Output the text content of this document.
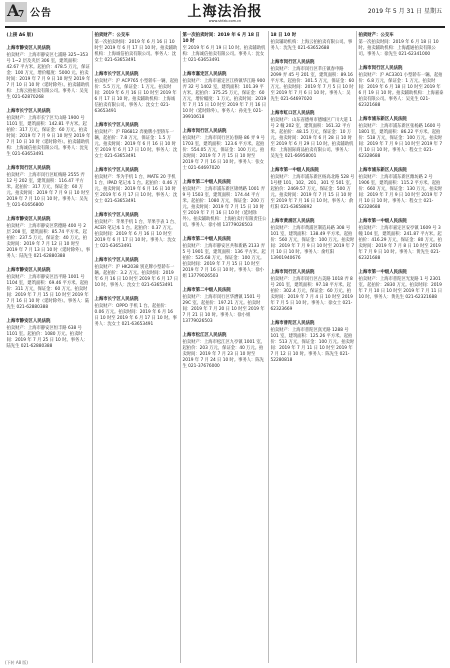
A
7 公告	上海法治报
www.shfzb.com.cn
2019 年 5 月 31 日 星期五
(上接 A6 版)
上海市静安区人民法院
拍卖财产：上海市静安区七浦路 325~353 号 1~2 层及夹层 306 室，建筑面积：42.67 平方米。起拍价：478.5 万元，保证金：100 万元，增价幅度：5000 元。拍卖时间：2019 年 7 月 9 日 10 时至 2019 年 7 月 10 日 10 时（延时除外）。拍卖辅助机构：上海云拍拍卖有限公司。事务人：吴先生 021-62870268
上海市长宁区人民法院
拍卖财产：上海市长宁区天山路 1900 号 1101 室，建筑面积：142.81 平方米。起拍价：317 万元，保证金：60 万元。拍卖时间：2019 年 7 月 9 日 10 时至 2019 年 7 月 10 日 10 时（延时除外）。拍卖辅助机构：上海诚信拍卖有限公司。事务人：沈先生 021-63653491
上海市闵行区人民法院
拍卖财产：上海市闵行区虹梅路 2555 弄 12 号 202 室，建筑面积：116.47 平方米。起拍价：317 万元，保证金：60 万元。拍卖时间：2019 年 7 月 9 日 10 时至 2019 年 7 月 10 日 10 时。事务人：吴先生 021-61656800
上海市静安区人民法院
拍卖财产：上海市静安区常德路 400 号 2 层 208 室，建筑面积：85.74 平方米。起拍价：237.5 万元，保证金：40 万元。拍卖时间：2019 年 7 月 12 日 10 时至 2019 年 7 月 13 日 10 时（延时除外）。事务人：陆先生 021-62880388
上海市静安区人民法院
拍卖财产：上海市静安区昌平路 1001 号 1104 室，建筑面积：69.46 平方米。起拍价：311 万元，保证金：60 万元。拍卖时间：2019 年 7 月 15 日 10 时至 2019 年 7 月 16 日 10 时（延时除外）。事务人：陆先生 021-62880388
上海市静安区人民法院
拍卖财产：上海市静安区恒丰路 638 号 1101 室。起拍价：1080 万元。拍卖时间：2019 年 7 月 25 日 10 时。事务人：陆先生 021-62880388
拍卖财产：公交车
第一次拍卖时间：2019 年 6 月 16 日 10 时至 2019 年 6 月 17 日 10 时。拍卖辅助机构：上海诚信拍卖有限公司。事务人：沈女士 021-63653491
上海市长宁区人民法院
拍卖财产：沪 ACP765 小型轿车一辆，起拍价：5.5 万元，保证金：1 万元。拍卖时间：2019 年 6 月 16 日 10 时至 2019 年 6 月 17 日 10 时。拍卖辅助机构：上海诚信拍卖有限公司。事务人：沈女士 021-63653491
上海市长宁区人民法院
拍卖财产：沪 FB6812 奔驰牌小型轿车一辆，起拍价：7.8 万元，保证金：1.5 万元。拍卖时间：2019 年 6 月 16 日 10 时至 2019 年 6 月 17 日 10 时。事务人：沈女士 021-63653491
上海市长宁区人民法院
拍卖财产：华为手机 1 台、MATE 20 手机 1 台、IPAD 笔记本 1 台。起拍价：0.46 万元。拍卖时间：2019 年 6 月 16 日 10 时至 2019 年 6 月 17 日 10 时。事务人：沈女士 021-63653491
上海市长宁区人民法院
拍卖财产：苹果手机 1 台、苹果手表 1 台、ACER 笔记本 1 台。起拍价：0.37 万元。拍卖时间：2019 年 6 月 16 日 10 时至 2019 年 6 月 17 日 10 时。事务人：沈女士 021-63653491
上海市长宁区人民法院
拍卖财产：沪 HK2038 别克牌小型轿车一辆。起拍价：3.2 万元。拍卖时间：2019 年 6 月 16 日 10 时至 2019 年 6 月 17 日 10 时。事务人：沈女士 021-63653491
上海市长宁区人民法院
拍卖财产：OPPO 手机 1 台。起拍价：0.06 万元。拍卖时间：2019 年 6 月 16 日 10 时至 2019 年 6 月 17 日 10 时。事务人：沈女士 021-63653491
第一次拍卖时间：2019 年 6 月 18 日 10 时
至 2019 年 6 月 19 日 10 时。拍卖辅助机构：上海诚信拍卖有限公司。事务人：沈女士 021-63653491
上海市嘉定区人民法院
拍卖财产：上海市嘉定区江桥镇华江路 900 弄 32 号 1402 室，建筑面积：101.39 平方米。起拍价：375.25 万元，保证金：60 万元，增价幅度：1 万元。拍卖时间：2019 年 7 月 15 日 10 时至 2019 年 7 月 16 日 10 时（延时除外）。事务人：孙先生 021-39910618
上海市闵行区人民法院
拍卖财产：上海市闵行区沁春路 86 弄 9 号 1703 室，建筑面积：123.6 平方米。起拍价：554.05 万元，保证金：100 万元。拍卖时间：2019 年 7 月 15 日 10 时至 2019 年 7 月 16 日 10 时。事务人：张女士 021-64697020
上海市第二中级人民法院
拍卖财产：上海市浦东新区锦绣路 1001 弄 9 号 1503 室，建筑面积：174.44 平方米。起拍价：1080 万元，保证金：200 万元。拍卖时间：2019 年 7 月 15 日 10 时至 2019 年 7 月 16 日 10 时（延时除外）。拍卖辅助机构：上海拍卖行有限责任公司。事务人：徐小姐 13779026503
上海市第二中级人民法院
拍卖财产：上海市静安区共和新路 2133 弄 5 号 1901 室，建筑面积：136 平方米。起拍价：525.68 万元，保证金：100 万元。拍卖时间：2019 年 7 月 15 日 10 时至 2019 年 7 月 16 日 10 时。事务人：徐小姐 13779026503
上海市第二中级人民法院
拍卖财产：上海市闵行区华漕镇 1501 号 29C 室。起拍价：197.21 万元。拍卖时间：2019 年 7 月 20 日 10 时至 2019 年 7 月 21 日 10 时。事务人：徐小姐 13779026503
上海市松江区人民法院
拍卖财产：上海市松江区九亭镇 1001 室。起拍价：203 万元，保证金：40 万元。拍卖时间：2019 年 7 月 23 日 10 时至 2019 年 7 月 24 日 10 时。事务人：陈先生 021-37676000
18 日 10 时
拍卖辅助机构：上海云拍拍卖有限公司。事务人：沈先生 021-63652688
上海市闵行区人民法院
拍卖财产：上海市闵行区莘庄镇春申路 2099 弄 45 号 201 室，建筑面积：89.16 平方米。起拍价：301.5 万元，保证金：60 万元。拍卖时间：2019 年 7 月 5 日 10 时至 2019 年 7 月 6 日 10 时。事务人：吴先生 021-64697020
上海市虹口区人民法院
拍卖财产：山东省德州市德城区广川大道 1 号 2 幢 202 室，建筑面积：161.32 平方米。起拍价：48.15 万元，保证金：10 万元。拍卖时间：2019 年 6 月 28 日 10 时至 2019 年 6 月 29 日 10 时。拍卖辅助机构：上海国际商品拍卖有限公司。事务人：吴先生 021-66958001
上海市第一中级人民法院
拍卖财产：上海市浦东新区杨高北路 528 号 1号楼 101、102、201、301 至 501 室。起拍价：2469.57 万元，保证金：500 万元。拍卖时间：2019 年 7 月 15 日 10 时至 2019 年 7 月 16 日 10 时。事务人：俞红阳 021-63658892
上海市黄浦区人民法院
拍卖财产：上海市黄浦区制造局路 308 号 101 室，建筑面积：138.49 平方米。起拍价：560 万元，保证金：100 万元。拍卖时间：2019 年 7 月 9 日 10 时至 2019 年 7 月 10 日 10 时。事务人：俞红阳 13901940676
上海市闵行区人民法院
拍卖财产：上海市闵行区古美路 1018 弄 8 号 201 室，建筑面积：97.18 平方米。起拍价：302.4 万元，保证金：60 万元。拍卖时间：2019 年 7 月 4 日 10 时至 2019 年 7 月 5 日 10 时。事务人：徐女士 021-62323669
上海市普陀区人民法院
拍卖财产：上海市普陀区真光路 1288 号 101 室，建筑面积：125.26 平方米。起拍价：513 万元，保证金：100 万元。拍卖时间：2019 年 7 月 11 日 10 时至 2019 年 7 月 12 日 10 时。事务人：陈先生 021-52280818
拍卖财产：公交车
第一次拍卖时间：2019 年 6 月 18 日 10 时。拍卖辅助机构：上海鑫通拍卖有限公司。事务人：徐先生 021-62341000
上海市闵行区人民法院
拍卖财产：沪 AC3301 小型轿车一辆。起拍价：6.8 万元，保证金：1 万元。拍卖时间：2019 年 6 月 18 日 10 时至 2019 年 6 月 19 日 10 时。拍卖辅助机构：上海嘉泰拍卖有限公司。事务人：吴先生 021-62321688
上海市浦东新区人民法院
拍卖财产：上海市浦东新区张杨路 1600 号 1801 室，建筑面积：86.22 平方米。起拍价：518 万元，保证金：100 万元。拍卖时间：2019 年 7 月 9 日 10 时至 2019 年 7 月 10 日 10 时。事务人：程女士 021-62328688
上海市浦东新区人民法院
拍卖财产：上海市浦东新区潍坊路 2 号 1906 室，建筑面积：115.2 平方米。起拍价：660 万元，保证金：130 万元。拍卖时间：2019 年 7 月 9 日 10 时至 2019 年 7 月 10 日 10 时。事务人：程女士 021-62328688
上海市第一中级人民法院
拍卖财产：上海市嘉定区安亭镇 1609 号 3 幢 104 室，建筑面积：241.87 平方米。起拍价：416.29 万元，保证金：80 万元。拍卖时间：2019 年 7 月 8 日 10 时至 2019 年 7 月 9 日 10 时。事务人：黄先生 021-62321688
上海市第一中级人民法院
拍卖财产：上海市普陀区光复路 1 号 2301 室。起拍价：2830 万元。拍卖时间：2019 年 7 月 10 日 10 时至 2019 年 7 月 11 日 10 时。事务人：黄先生 021-62321688
(下转 A8 版)
